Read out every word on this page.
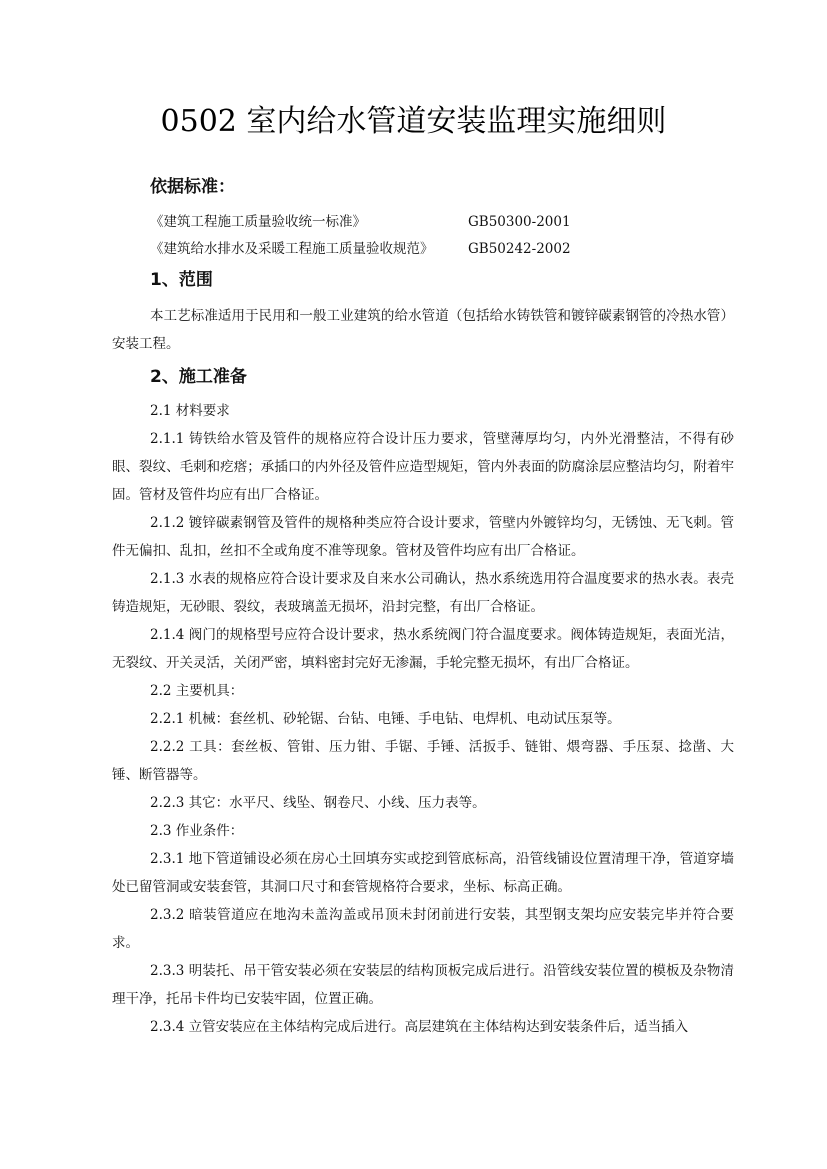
0502 室内给水管道安装监理实施细则
依据标准：
《建筑工程施工质量验收统一标准》	GB50300-2001
《建筑给水排水及采暖工程施工质量验收规范》	GB50242-2002
1、范围

本工艺标准适用于民用和一般工业建筑的给水管道（包括给水铸铁管和镀锌碳素钢管的冷热水管）安装工程。

2、施工准备

2.1 材料要求

2.1.1 铸铁给水管及管件的规格应符合设计压力要求，管壁薄厚均匀，内外光滑整洁，不得有砂眼、裂纹、毛刺和疙瘩；承插口的内外径及管件应造型规矩，管内外表面的防腐涂层应整洁均匀，附着牢固。管材及管件均应有出厂合格证。

2.1.2 镀锌碳素钢管及管件的规格种类应符合设计要求，管壁内外镀锌均匀，无锈蚀、无飞刺。管件无偏扣、乱扣，丝扣不全或角度不准等现象。管材及管件均应有出厂合格证。

2.1.3 水表的规格应符合设计要求及自来水公司确认，热水系统选用符合温度要求的热水表。表壳铸造规矩，无砂眼、裂纹，表玻璃盖无损坏，沿封完整，有出厂合格证。

2.1.4 阀门的规格型号应符合设计要求，热水系统阀门符合温度要求。阀体铸造规矩，表面光洁，无裂纹、开关灵活，关闭严密，填料密封完好无渗漏，手轮完整无损坏，有出厂合格证。

2.2 主要机具：

2.2.1 机械：套丝机、砂轮锯、台钻、电锤、手电钻、电焊机、电动试压泵等。

2.2.2 工具：套丝板、管钳、压力钳、手锯、手锤、活扳手、链钳、煨弯器、手压泵、捻凿、大锤、断管器等。

2.2.3 其它：水平尺、线坠、钢卷尺、小线、压力表等。

2.3 作业条件：

2.3.1 地下管道铺设必须在房心土回填夯实或挖到管底标高，沿管线铺设位置清理干净，管道穿墙处已留管洞或安装套管，其洞口尺寸和套管规格符合要求，坐标、标高正确。

2.3.2 暗装管道应在地沟未盖沟盖或吊顶未封闭前进行安装，其型钢支架均应安装完毕并符合要求。

2.3.3 明装托、吊干管安装必须在安装层的结构顶板完成后进行。沿管线安装位置的模板及杂物清理干净，托吊卡件均已安装牢固，位置正确。

2.3.4 立管安装应在主体结构完成后进行。高层建筑在主体结构达到安装条件后，适当插入
